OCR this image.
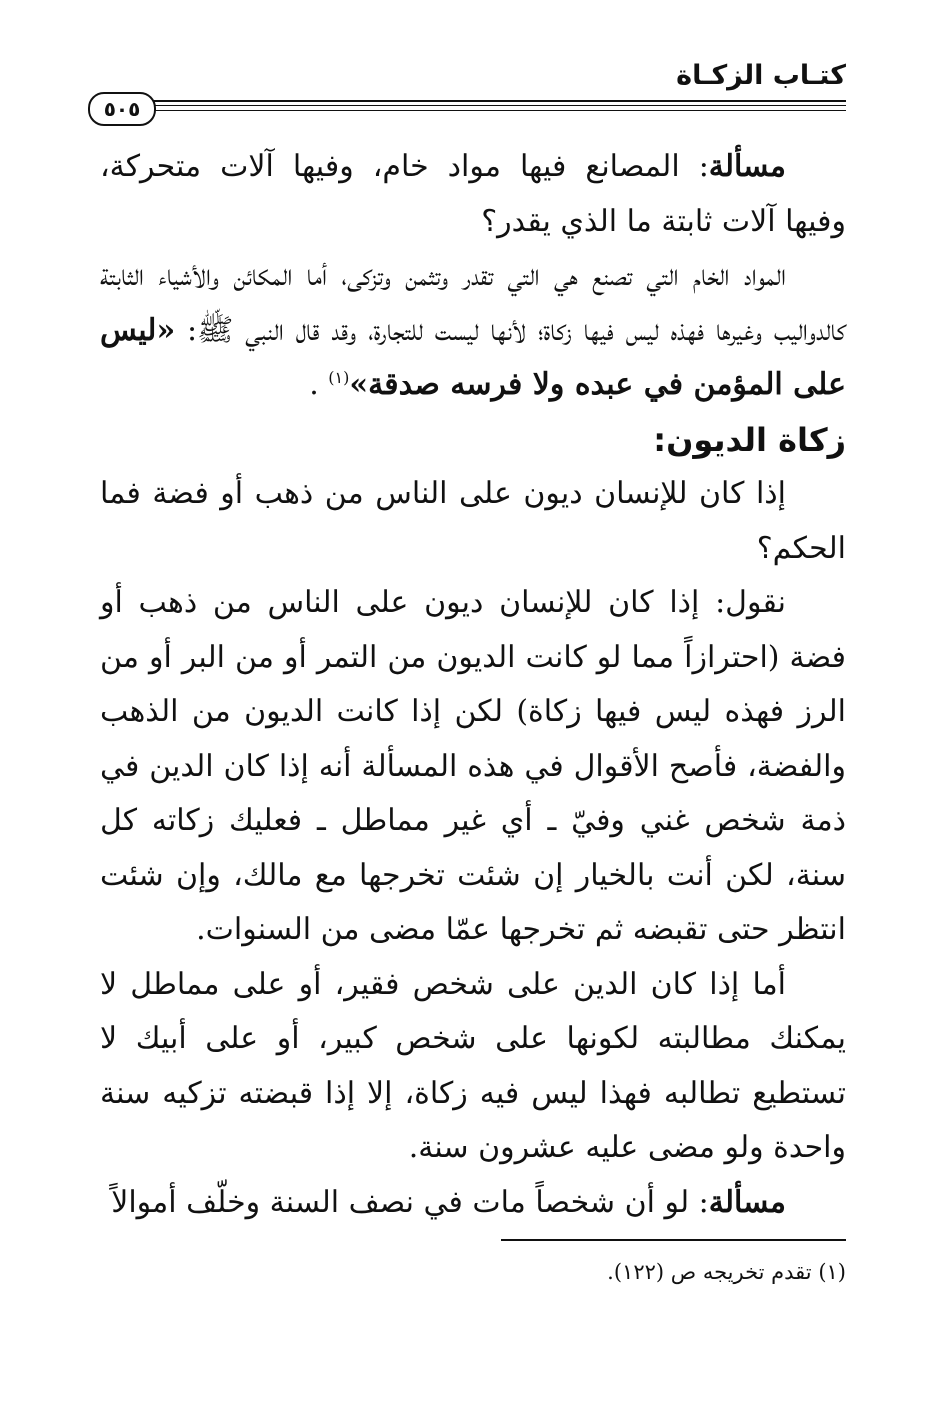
كتـاب الزكـاة
٥٠٥

مسألة: المصانع فيها مواد خام، وفيها آلات متحركة، وفيها آلات ثابتة ما الذي يقدر؟

المواد الخام التي تصنع هي التي تقدر وتثمن وتزكى، أما المكائن والأشياء الثابتة كالدواليب وغيرها فهذه ليس فيها زكاة؛ لأنها ليست للتجارة، وقد قال النبي ﷺ: «ليس على المؤمن في عبده ولا فرسه صدقة»$^{(١)}$ .

زكاة الديون:

إذا كان للإنسان ديون على الناس من ذهب أو فضة فما الحكم؟

نقول: إذا كان للإنسان ديون على الناس من ذهب أو فضة (احترازاً مما لو كانت الديون من التمر أو من البر أو من الرز فهذه ليس فيها زكاة) لكن إذا كانت الديون من الذهب والفضة، فأصح الأقوال في هذه المسألة أنه إذا كان الدين في ذمة شخص غني وفيّ ـ أي غير مماطل ـ فعليك زكاته كل سنة، لكن أنت بالخيار إن شئت تخرجها مع مالك، وإن شئت انتظر حتى تقبضه ثم تخرجها عمّا مضى من السنوات.

أما إذا كان الدين على شخص فقير، أو على مماطل لا يمكنك مطالبته لكونها على شخص كبير، أو على أبيك لا تستطيع تطالبه فهذا ليس فيه زكاة، إلا إذا قبضته تزكيه سنة واحدة ولو مضى عليه عشرون سنة.

مسألة: لو أن شخصاً مات في نصف السنة وخلّف أموالاً

(١) تقدم تخريجه ص (١٢٢).
